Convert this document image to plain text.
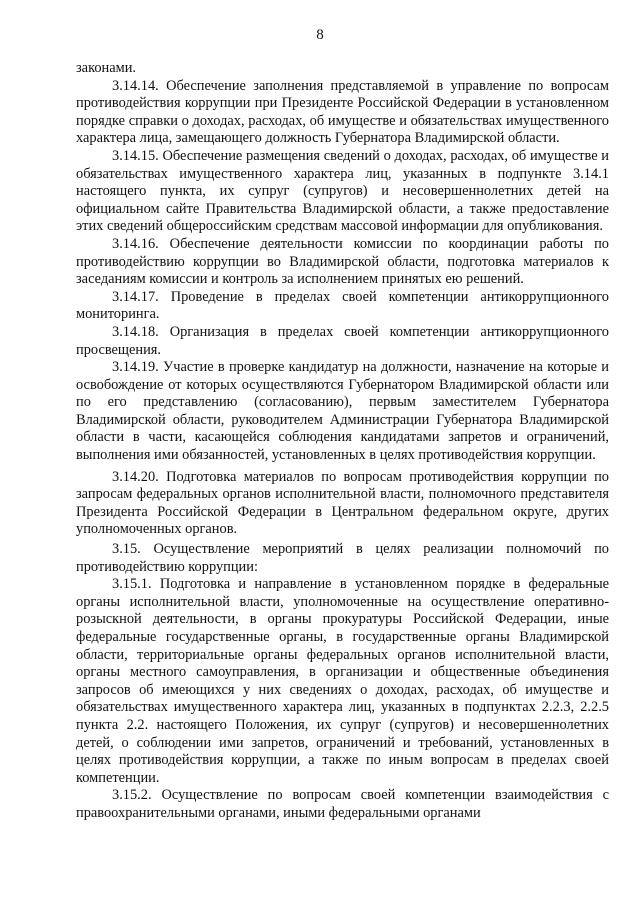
8

законами.

3.14.14. Обеспечение заполнения представляемой в управление по вопросам противодействия коррупции при Президенте Российской Федерации в установленном порядке справки о доходах, расходах, об имуществе и обязательствах имущественного характера лица, замещающего должность Губернатора Владимирской области.

3.14.15. Обеспечение размещения сведений о доходах, расходах, об имуществе и обязательствах имущественного характера лиц, указанных в подпункте 3.14.1 настоящего пункта, их супруг (супругов) и несовершеннолетних детей на официальном сайте Правительства Владимирской области, а также предоставление этих сведений общероссийским средствам массовой информации для опубликования.

3.14.16. Обеспечение деятельности комиссии по координации работы по противодействию коррупции во Владимирской области, подготовка материалов к заседаниям комиссии и контроль за исполнением принятых ею решений.

3.14.17. Проведение в пределах своей компетенции антикоррупционного мониторинга.

3.14.18. Организация в пределах своей компетенции антикоррупционного просвещения.

3.14.19. Участие в проверке кандидатур на должности, назначение на которые и освобождение от которых осуществляются Губернатором Владимирской области или по его представлению (согласованию), первым заместителем Губернатора Владимирской области, руководителем Администрации Губернатора Владимирской области в части, касающейся соблюдения кандидатами запретов и ограничений, выполнения ими обязанностей, установленных в целях противодействия коррупции.

3.14.20. Подготовка материалов по вопросам противодействия коррупции по запросам федеральных органов исполнительной власти, полномочного представителя Президента Российской Федерации в Центральном федеральном округе, других уполномоченных органов.

3.15. Осуществление мероприятий в целях реализации полномочий по противодействию коррупции:

3.15.1. Подготовка и направление в установленном порядке в федеральные органы исполнительной власти, уполномоченные на осуществление оперативно-розыскной деятельности, в органы прокуратуры Российской Федерации, иные федеральные государственные органы, в государственные органы Владимирской области, территориальные органы федеральных органов исполнительной власти, органы местного самоуправления, в организации и общественные объединения запросов об имеющихся у них сведениях о доходах, расходах, об имуществе и обязательствах имущественного характера лиц, указанных в подпунктах 2.2.3, 2.2.5 пункта 2.2. настоящего Положения, их супруг (супругов) и несовершеннолетних детей, о соблюдении ими запретов, ограничений и требований, установленных в целях противодействия коррупции, а также по иным вопросам в пределах своей компетенции.

3.15.2. Осуществление по вопросам своей компетенции взаимодействия с правоохранительными органами, иными федеральными органами
